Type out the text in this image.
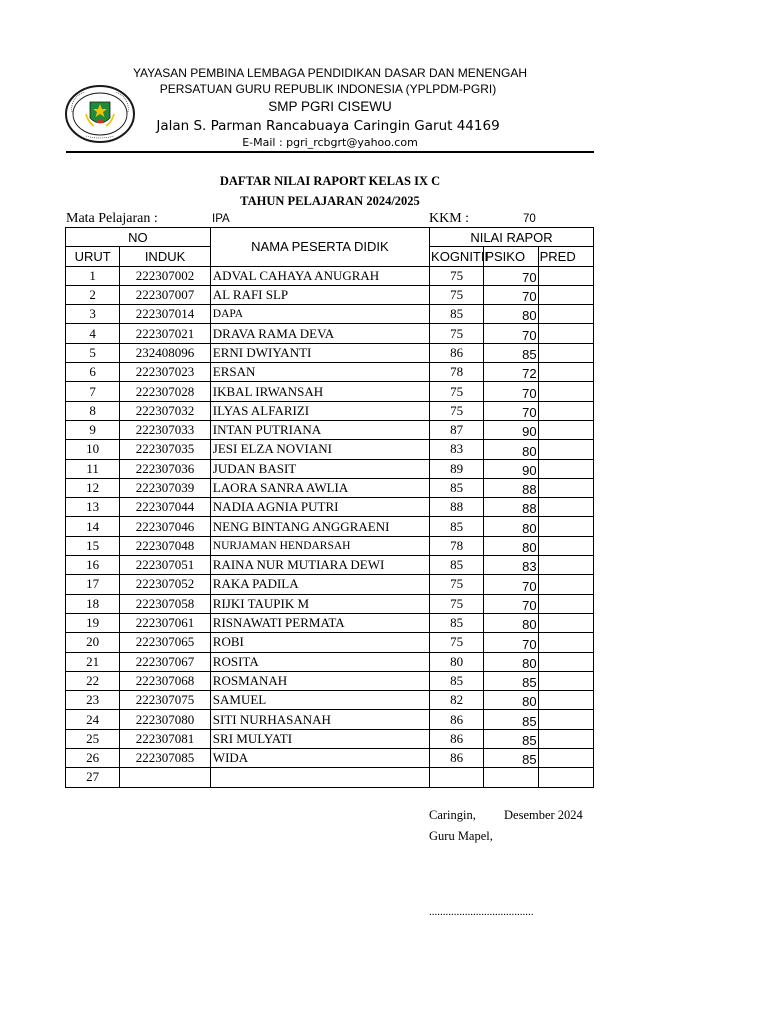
YAYASAN PEMBINA LEMBAGA PENDIDIKAN DASAR DAN MENENGAH
PERSATUAN GURU REPUBLIK INDONESIA (YPLPDM-PGRI)
SMP PGRI CISEWU
Jalan S. Parman Rancabuaya Caringin Garut 44169
E-Mail : pgri_rcbgrt@yahoo.com
DAFTAR NILAI RAPORT KELAS IX C
TAHUN PELAJARAN 2024/2025
Mata Pelajaran :	IPA	KKM :	70
NO		NAMA PESERTA DIDIK	NILAI RAPOR		
URUT	INDUK		KOGNITIF	PSIKO	PRED
1	222307002	ADVAL CAHAYA ANUGRAH	75	70	
2	222307007	AL RAFI SLP	75	70	
3	222307014	DAPA	85	80	
4	222307021	DRAVA RAMA DEVA	75	70	
5	232408096	ERNI DWIYANTI	86	85	
6	222307023	ERSAN	78	72	
7	222307028	IKBAL IRWANSAH	75	70	
8	222307032	ILYAS ALFARIZI	75	70	
9	222307033	INTAN PUTRIANA	87	90	
10	222307035	JESI ELZA NOVIANI	83	80	
11	222307036	JUDAN BASIT	89	90	
12	222307039	LAORA SANRA AWLIA	85	88	
13	222307044	NADIA AGNIA PUTRI	88	88	
14	222307046	NENG BINTANG ANGGRAENI	85	80	
15	222307048	NURJAMAN HENDARSAH	78	80	
16	222307051	RAINA NUR MUTIARA DEWI	85	83	
17	222307052	RAKA PADILA	75	70	
18	222307058	RIJKI TAUPIK M	75	70	
19	222307061	RISNAWATI PERMATA	85	80	
20	222307065	ROBI	75	70	
21	222307067	ROSITA	80	80	
22	222307068	ROSMANAH	85	85	
23	222307075	SAMUEL	82	80	
24	222307080	SITI NURHASANAH	86	85	
25	222307081	SRI MULYATI	86	85	
26	222307085	WIDA	86	85	
27					
Caringin, Desember 2024
Guru Mapel,
......................................
